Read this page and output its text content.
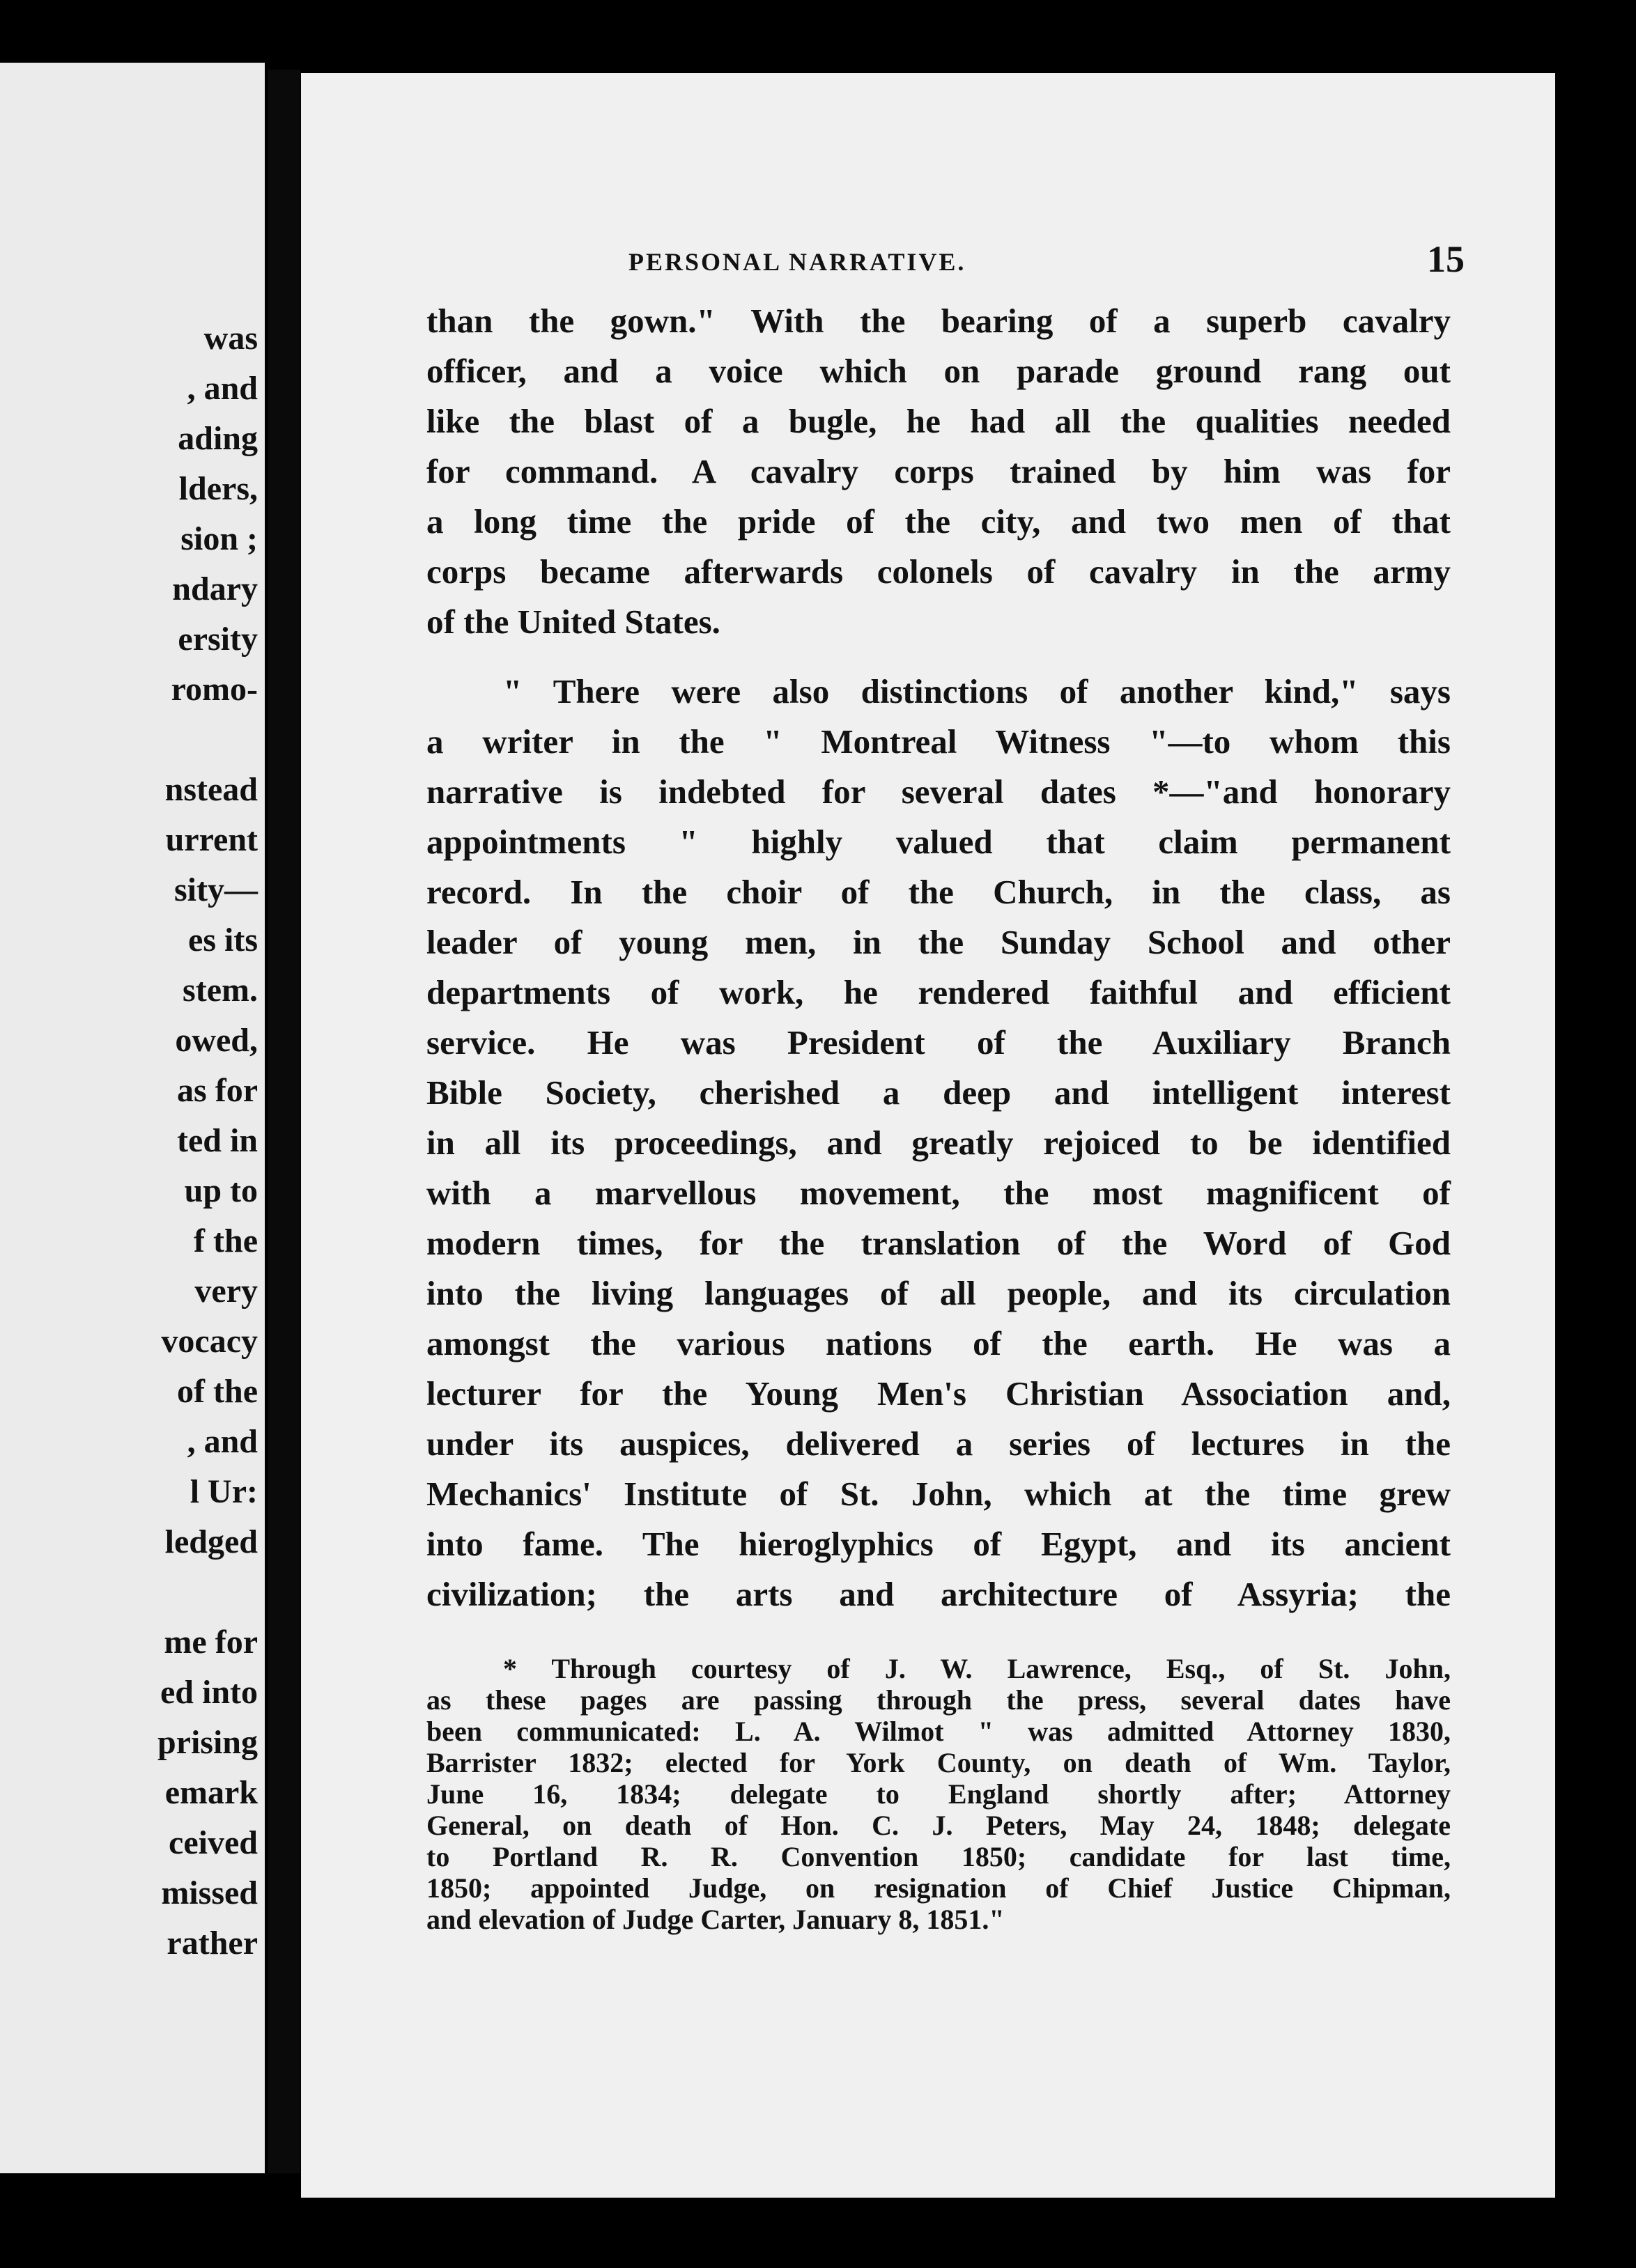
was
, and
ading
lders,
sion ;
ndary
ersity
romo-
nstead
urrent
sity—
es its
stem.
owed,
as for
ted in
up to
f the
very
vocacy
of the
, and
l Ur:
ledged
me for
ed into
prising
emark
ceived
missed
rather
PERSONAL NARRATIVE.	15
than the gown." With the bearing of a superb cavalry
officer, and a voice which on parade ground rang out
like the blast of a bugle, he had all the qualities needed
for command. A cavalry corps trained by him was for
a long time the pride of the city, and two men of that
corps became afterwards colonels of cavalry in the army
of the United States.
" There were also distinctions of another kind," says
a writer in the " Montreal Witness "—to whom this
narrative is indebted for several dates *—"and honorary
appointments " highly valued that claim permanent
record. In the choir of the Church, in the class, as
leader of young men, in the Sunday School and other
departments of work, he rendered faithful and efficient
service. He was President of the Auxiliary Branch
Bible Society, cherished a deep and intelligent interest
in all its proceedings, and greatly rejoiced to be identified
with a marvellous movement, the most magnificent of
modern times, for the translation of the Word of God
into the living languages of all people, and its circulation
amongst the various nations of the earth. He was a
lecturer for the Young Men's Christian Association and,
under its auspices, delivered a series of lectures in the
Mechanics' Institute of St. John, which at the time grew
into fame. The hieroglyphics of Egypt, and its ancient
civilization; the arts and architecture of Assyria; the
* Through courtesy of J. W. Lawrence, Esq., of St. John,
as these pages are passing through the press, several dates have
been communicated: L. A. Wilmot " was admitted Attorney 1830,
Barrister 1832; elected for York County, on death of Wm. Taylor,
June 16, 1834; delegate to England shortly after; Attorney
General, on death of Hon. C. J. Peters, May 24, 1848; delegate
to Portland R. R. Convention 1850; candidate for last time,
1850; appointed Judge, on resignation of Chief Justice Chipman,
and elevation of Judge Carter, January 8, 1851."
